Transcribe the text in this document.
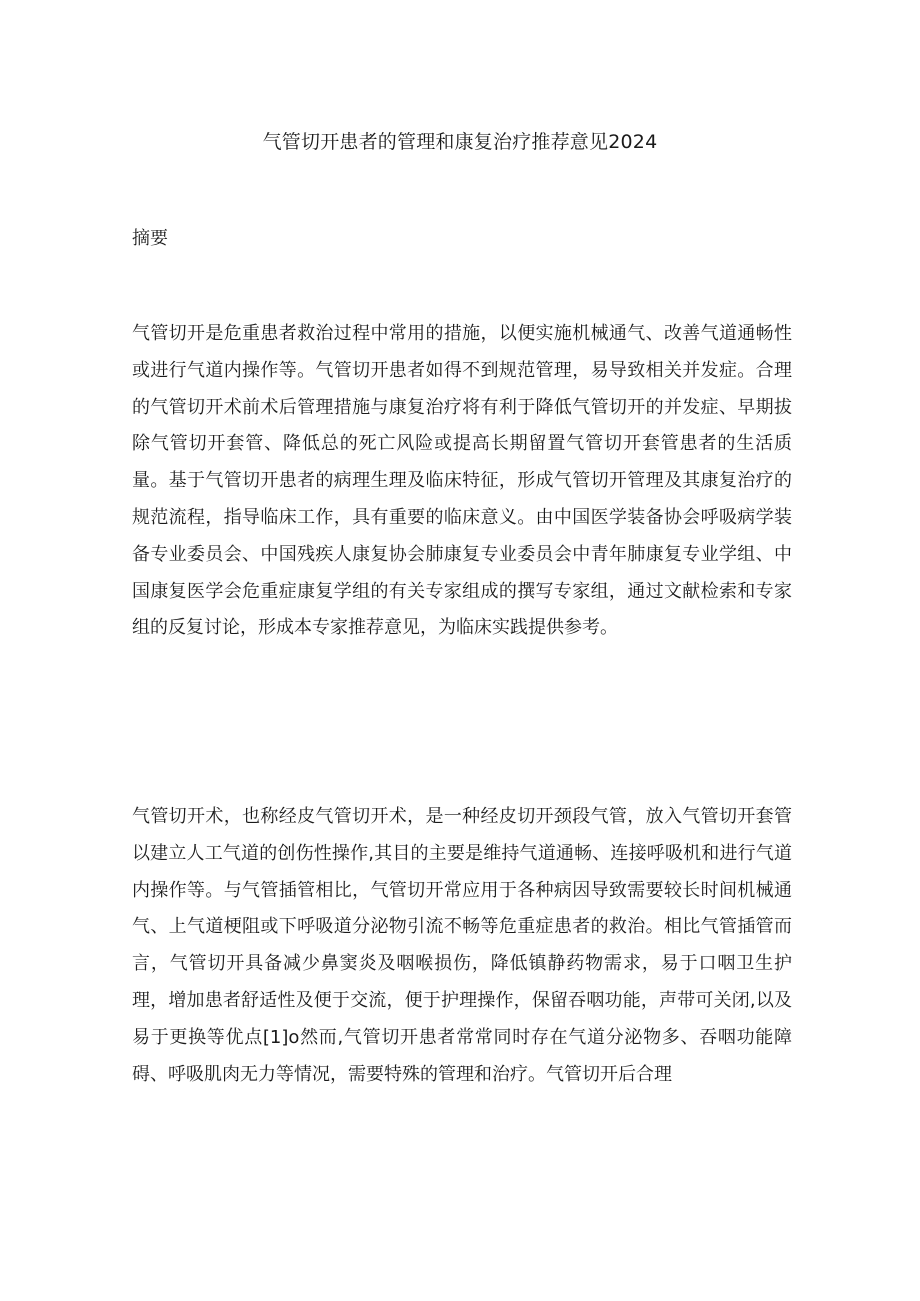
气管切开患者的管理和康复治疗推荐意见2024
摘要

气管切开是危重患者救治过程中常用的措施，以便实施机械通气、改善气道通畅性或进行气道内操作等。气管切开患者如得不到规范管理，易导致相关并发症。合理的气管切开术前术后管理措施与康复治疗将有利于降低气管切开的并发症、早期拔除气管切开套管、降低总的死亡风险或提高长期留置气管切开套管患者的生活质量。基于气管切开患者的病理生理及临床特征，形成气管切开管理及其康复治疗的规范流程，指导临床工作，具有重要的临床意义。由中国医学装备协会呼吸病学装备专业委员会、中国残疾人康复协会肺康复专业委员会中青年肺康复专业学组、中国康复医学会危重症康复学组的有关专家组成的撰写专家组，通过文献检索和专家组的反复讨论，形成本专家推荐意见，为临床实践提供参考。

气管切开术，也称经皮气管切开术，是一种经皮切开颈段气管，放入气管切开套管以建立人工气道的创伤性操作,其目的主要是维持气道通畅、连接呼吸机和进行气道内操作等。与气管插管相比，气管切开常应用于各种病因导致需要较长时间机械通气、上气道梗阻或下呼吸道分泌物引流不畅等危重症患者的救治。相比气管插管而言，气管切开具备减少鼻窦炎及咽喉损伤，降低镇静药物需求，易于口咽卫生护理，增加患者舒适性及便于交流，便于护理操作，保留吞咽功能，声带可关闭,以及易于更换等优点[1]o然而,气管切开患者常常同时存在气道分泌物多、吞咽功能障碍、呼吸肌肉无力等情况，需要特殊的管理和治疗。气管切开后合理
